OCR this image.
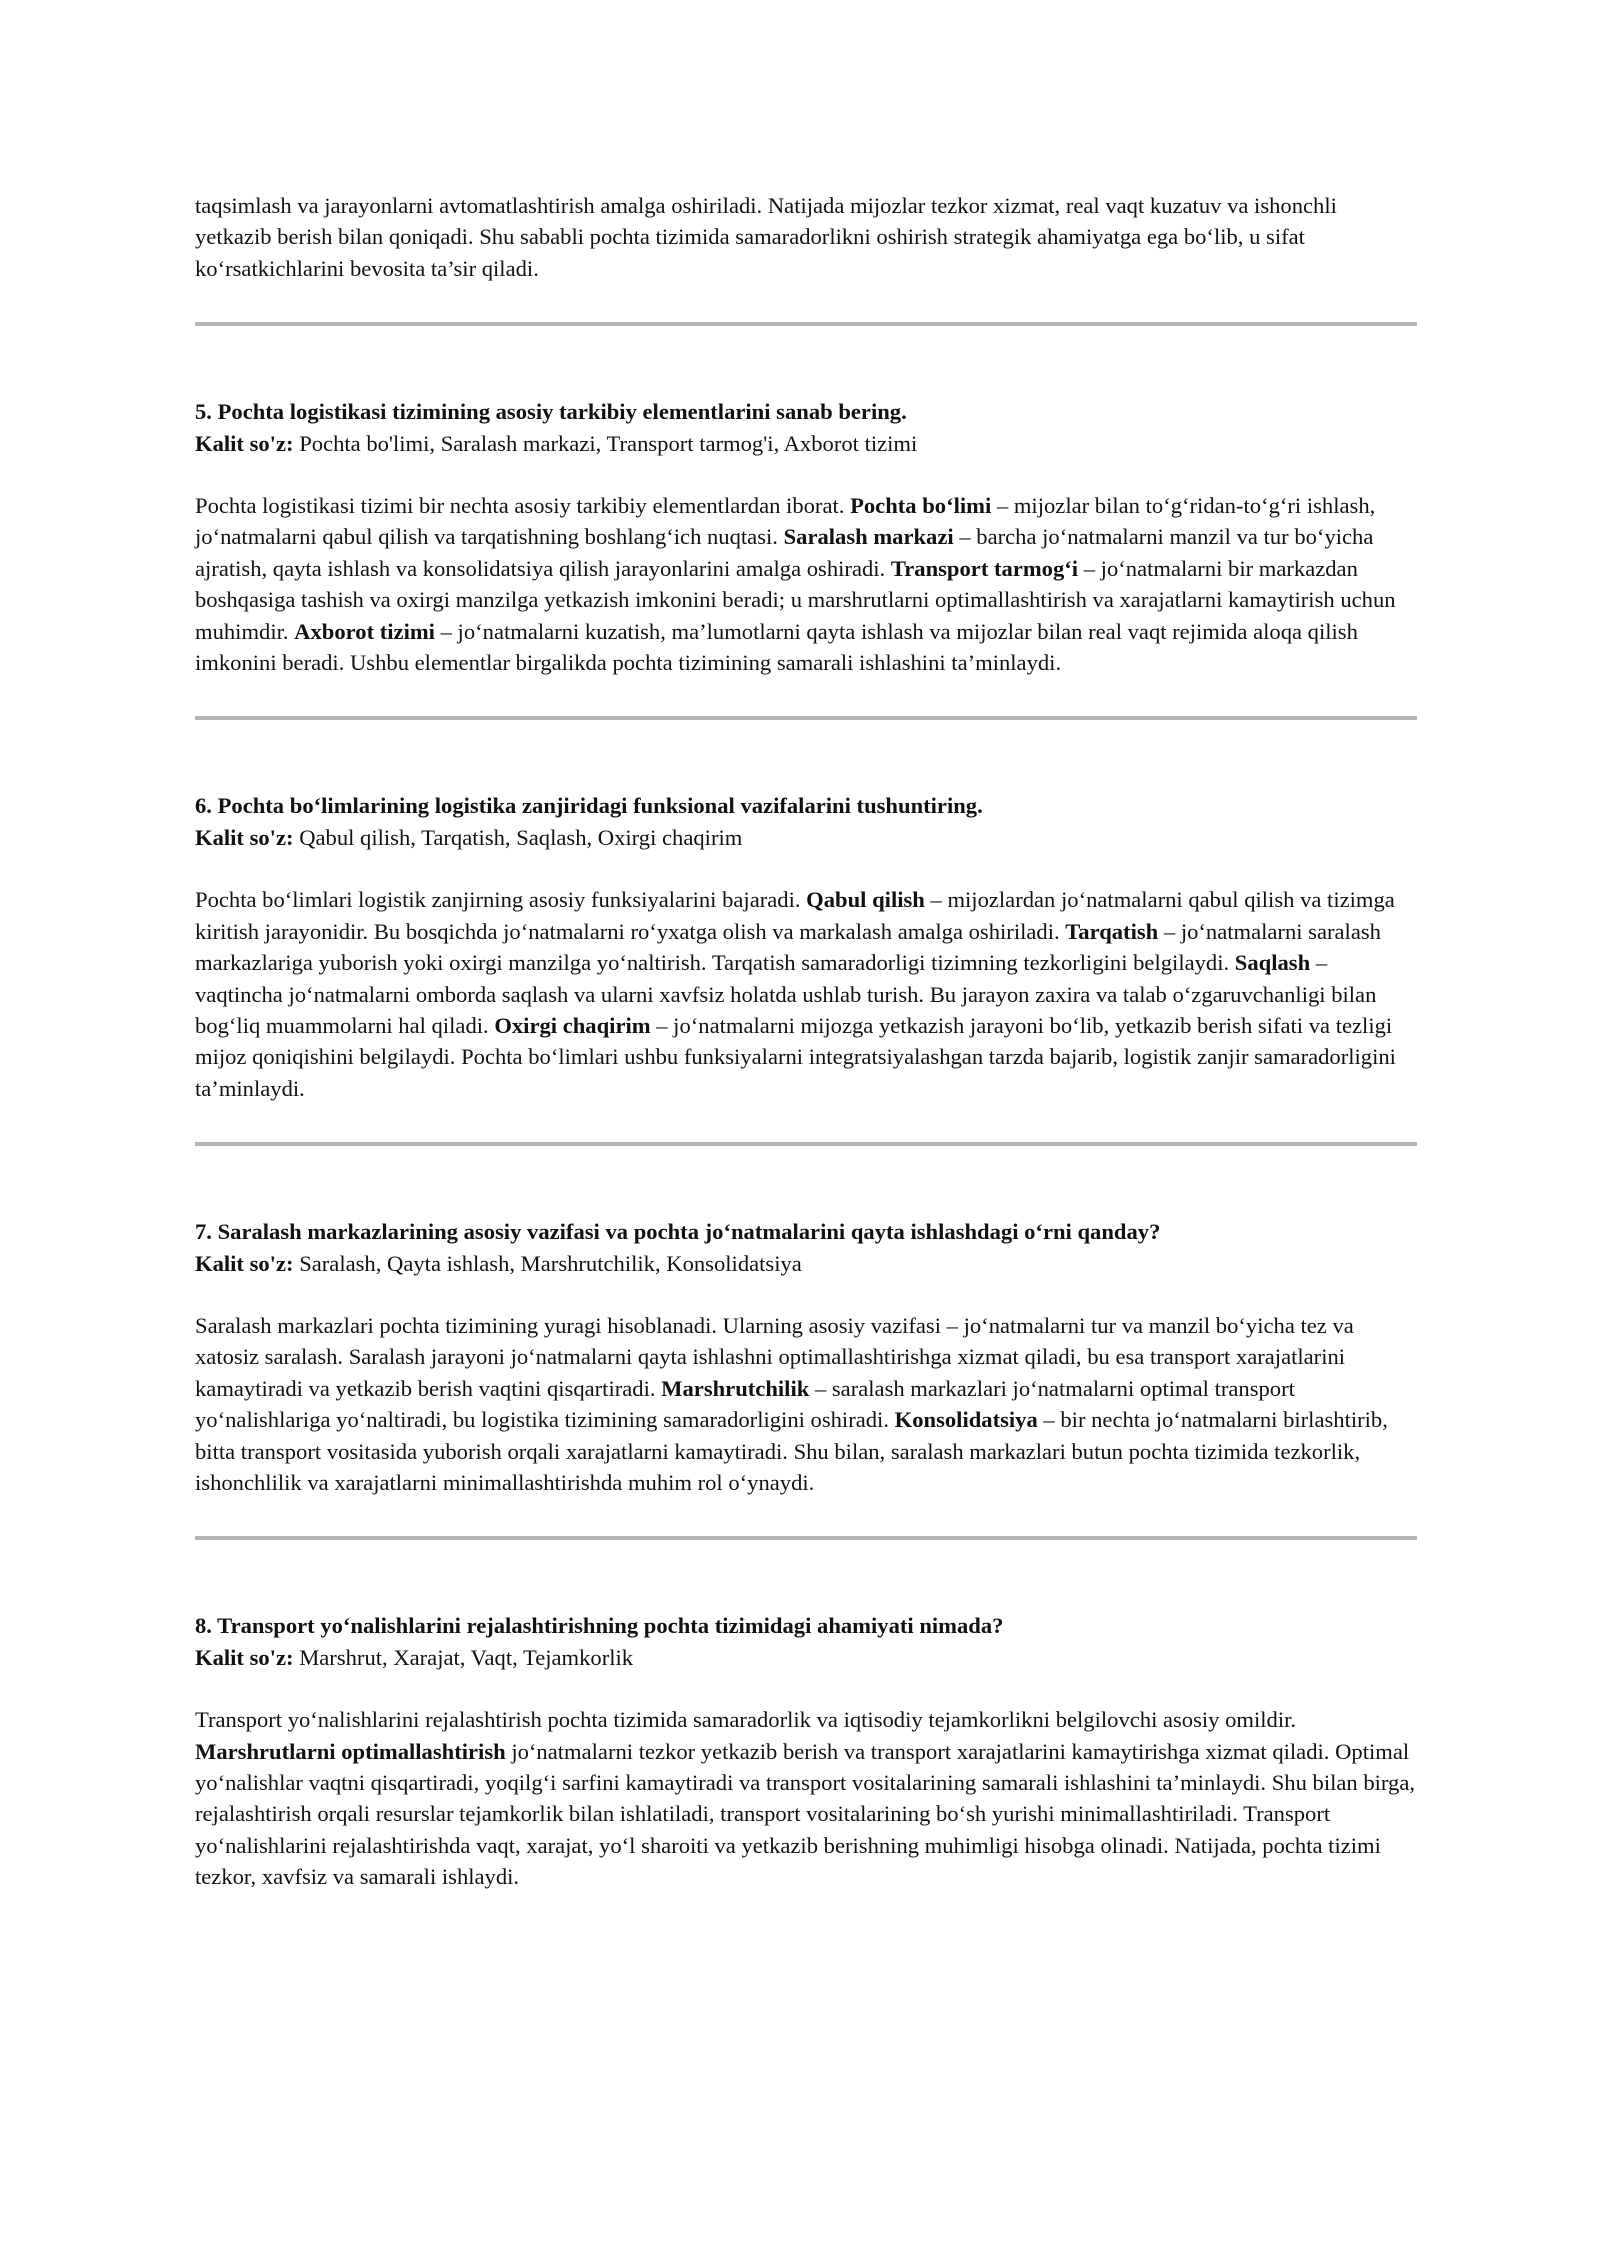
taqsimlash va jarayonlarni avtomatlashtirish amalga oshiriladi. Natijada mijozlar tezkor xizmat, real vaqt kuzatuv va ishonchli yetkazib berish bilan qoniqadi. Shu sababli pochta tizimida samaradorlikni oshirish strategik ahamiyatga ega bo‘lib, u sifat ko‘rsatkichlarini bevosita ta’sir qiladi.

5. Pochta logistikasi tizimining asosiy tarkibiy elementlarini sanab bering.

Kalit so'z: Pochta bo'limi, Saralash markazi, Transport tarmog'i, Axborot tizimi

Pochta logistikasi tizimi bir nechta asosiy tarkibiy elementlardan iborat. Pochta bo‘limi – mijozlar bilan to‘g‘ridan-to‘g‘ri ishlash, jo‘natmalarni qabul qilish va tarqatishning boshlang‘ich nuqtasi. Saralash markazi – barcha jo‘natmalarni manzil va tur bo‘yicha ajratish, qayta ishlash va konsolidatsiya qilish jarayonlarini amalga oshiradi. Transport tarmog‘i – jo‘natmalarni bir markazdan boshqasiga tashish va oxirgi manzilga yetkazish imkonini beradi; u marshrutlarni optimallashtirish va xarajatlarni kamaytirish uchun muhimdir. Axborot tizimi – jo‘natmalarni kuzatish, ma’lumotlarni qayta ishlash va mijozlar bilan real vaqt rejimida aloqa qilish imkonini beradi. Ushbu elementlar birgalikda pochta tizimining samarali ishlashini ta’minlaydi.

6. Pochta bo‘limlarining logistika zanjiridagi funksional vazifalarini tushuntiring.

Kalit so'z: Qabul qilish, Tarqatish, Saqlash, Oxirgi chaqirim

Pochta bo‘limlari logistik zanjirning asosiy funksiyalarini bajaradi. Qabul qilish – mijozlardan jo‘natmalarni qabul qilish va tizimga kiritish jarayonidir. Bu bosqichda jo‘natmalarni ro‘yxatga olish va markalash amalga oshiriladi. Tarqatish – jo‘natmalarni saralash markazlariga yuborish yoki oxirgi manzilga yo‘naltirish. Tarqatish samaradorligi tizimning tezkorligini belgilaydi. Saqlash – vaqtincha jo‘natmalarni omborda saqlash va ularni xavfsiz holatda ushlab turish. Bu jarayon zaxira va talab o‘zgaruvchanligi bilan bog‘liq muammolarni hal qiladi. Oxirgi chaqirim – jo‘natmalarni mijozga yetkazish jarayoni bo‘lib, yetkazib berish sifati va tezligi mijoz qoniqishini belgilaydi. Pochta bo‘limlari ushbu funksiyalarni integratsiyalashgan tarzda bajarib, logistik zanjir samaradorligini ta’minlaydi.

7. Saralash markazlarining asosiy vazifasi va pochta jo‘natmalarini qayta ishlashdagi o‘rni qanday?

Kalit so'z: Saralash, Qayta ishlash, Marshrutchilik, Konsolidatsiya

Saralash markazlari pochta tizimining yuragi hisoblanadi. Ularning asosiy vazifasi – jo‘natmalarni tur va manzil bo‘yicha tez va xatosiz saralash. Saralash jarayoni jo‘natmalarni qayta ishlashni optimallashtirishga xizmat qiladi, bu esa transport xarajatlarini kamaytiradi va yetkazib berish vaqtini qisqartiradi. Marshrutchilik – saralash markazlari jo‘natmalarni optimal transport yo‘nalishlariga yo‘naltiradi, bu logistika tizimining samaradorligini oshiradi. Konsolidatsiya – bir nechta jo‘natmalarni birlashtirib, bitta transport vositasida yuborish orqali xarajatlarni kamaytiradi. Shu bilan, saralash markazlari butun pochta tizimida tezkorlik, ishonchlilik va xarajatlarni minimallashtirishda muhim rol o‘ynaydi.

8. Transport yo‘nalishlarini rejalashtirishning pochta tizimidagi ahamiyati nimada?

Kalit so'z: Marshrut, Xarajat, Vaqt, Tejamkorlik

Transport yo‘nalishlarini rejalashtirish pochta tizimida samaradorlik va iqtisodiy tejamkorlikni belgilovchi asosiy omildir. Marshrutlarni optimallashtirish jo‘natmalarni tezkor yetkazib berish va transport xarajatlarini kamaytirishga xizmat qiladi. Optimal yo‘nalishlar vaqtni qisqartiradi, yoqilg‘i sarfini kamaytiradi va transport vositalarining samarali ishlashini ta’minlaydi. Shu bilan birga, rejalashtirish orqali resurslar tejamkorlik bilan ishlatiladi, transport vositalarining bo‘sh yurishi minimallashtiriladi. Transport yo‘nalishlarini rejalashtirishda vaqt, xarajat, yo‘l sharoiti va yetkazib berishning muhimligi hisobga olinadi. Natijada, pochta tizimi tezkor, xavfsiz va samarali ishlaydi.
